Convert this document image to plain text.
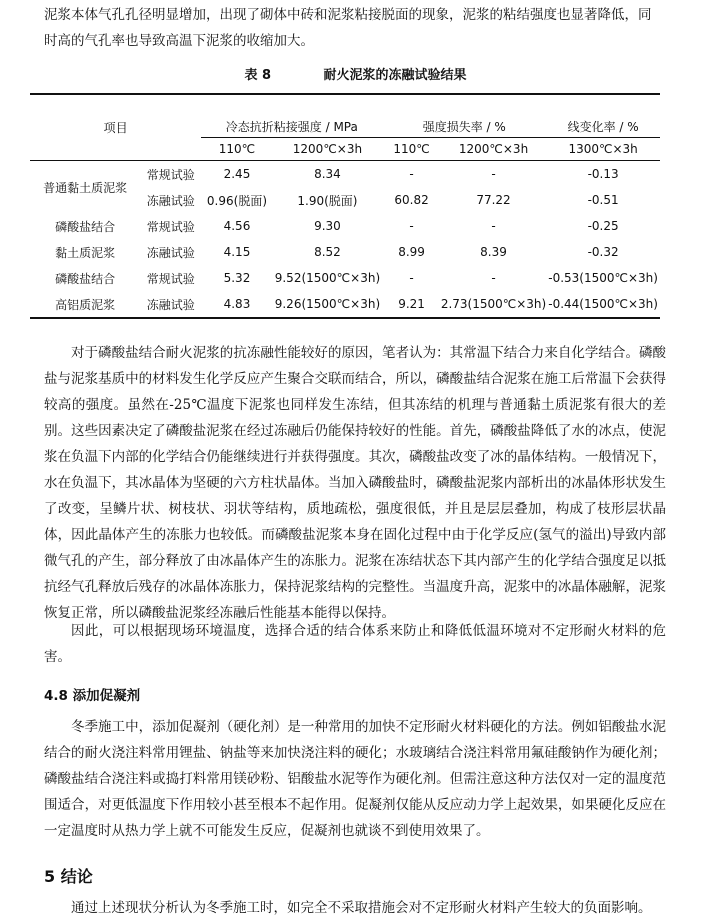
泥浆本体气孔孔径明显增加，出现了砌体中砖和泥浆粘接脱面的现象，泥浆的粘结强度也显著降低，同
时高的气孔率也导致高温下泥浆的收缩加大。
表 8	耐火泥浆的冻融试验结果
项目		冷态抗折粘接强度 / MPa		强度损失率 / %		线变化率 / %
		110℃	1200℃×3h	110℃	1200℃×3h	1300℃×3h
普通黏土质泥浆	常规试验	2.45	8.34	-	-	-0.13
	冻融试验	0.96(脱面)	1.90(脱面)	60.82	77.22	-0.51
磷酸盐结合	常规试验	4.56	9.30	-	-	-0.25
黏土质泥浆	冻融试验	4.15	8.52	8.99	8.39	-0.32
磷酸盐结合	常规试验	5.32	9.52(1500℃×3h)	-	-	-0.53(1500℃×3h)
高铝质泥浆	冻融试验	4.83	9.26(1500℃×3h)	9.21	2.73(1500℃×3h)	-0.44(1500℃×3h)
对于磷酸盐结合耐火泥浆的抗冻融性能较好的原因，笔者认为：其常温下结合力来自化学结合。磷酸盐与泥浆基质中的材料发生化学反应产生聚合交联而结合，所以，磷酸盐结合泥浆在施工后常温下会获得较高的强度。虽然在-25℃温度下泥浆也同样发生冻结，但其冻结的机理与普通黏土质泥浆有很大的差别。这些因素决定了磷酸盐泥浆在经过冻融后仍能保持较好的性能。首先，磷酸盐降低了水的冰点，使泥浆在负温下内部的化学结合仍能继续进行并获得强度。其次，磷酸盐改变了冰的晶体结构。一般情况下，水在负温下，其冰晶体为坚硬的六方柱状晶体。当加入磷酸盐时，磷酸盐泥浆内部析出的冰晶体形状发生了改变，呈鳞片状、树枝状、羽状等结构，质地疏松，强度很低，并且是层层叠加，构成了枝形层状晶体，因此晶体产生的冻胀力也较低。而磷酸盐泥浆本身在固化过程中由于化学反应(氢气的溢出)导致内部微气孔的产生，部分释放了由冰晶体产生的冻胀力。泥浆在冻结状态下其内部产生的化学结合强度足以抵抗经气孔释放后残存的冰晶体冻胀力，保持泥浆结构的完整性。当温度升高，泥浆中的冰晶体融解，泥浆恢复正常，所以磷酸盐泥浆经冻融后性能基本能得以保持。
因此，可以根据现场环境温度，选择合适的结合体系来防止和降低低温环境对不定形耐火材料的危害。
4.8 添加促凝剂
冬季施工中，添加促凝剂（硬化剂）是一种常用的加快不定形耐火材料硬化的方法。例如铝酸盐水泥结合的耐火浇注料常用锂盐、钠盐等来加快浇注料的硬化；水玻璃结合浇注料常用氟硅酸钠作为硬化剂；磷酸盐结合浇注料或捣打料常用镁砂粉、铝酸盐水泥等作为硬化剂。但需注意这种方法仅对一定的温度范围适合，对更低温度下作用较小甚至根本不起作用。促凝剂仅能从反应动力学上起效果，如果硬化反应在一定温度时从热力学上就不可能发生反应，促凝剂也就谈不到使用效果了。
5 结论
通过上述现状分析认为冬季施工时，如完全不采取措施会对不定形耐火材料产生较大的负面影响。
